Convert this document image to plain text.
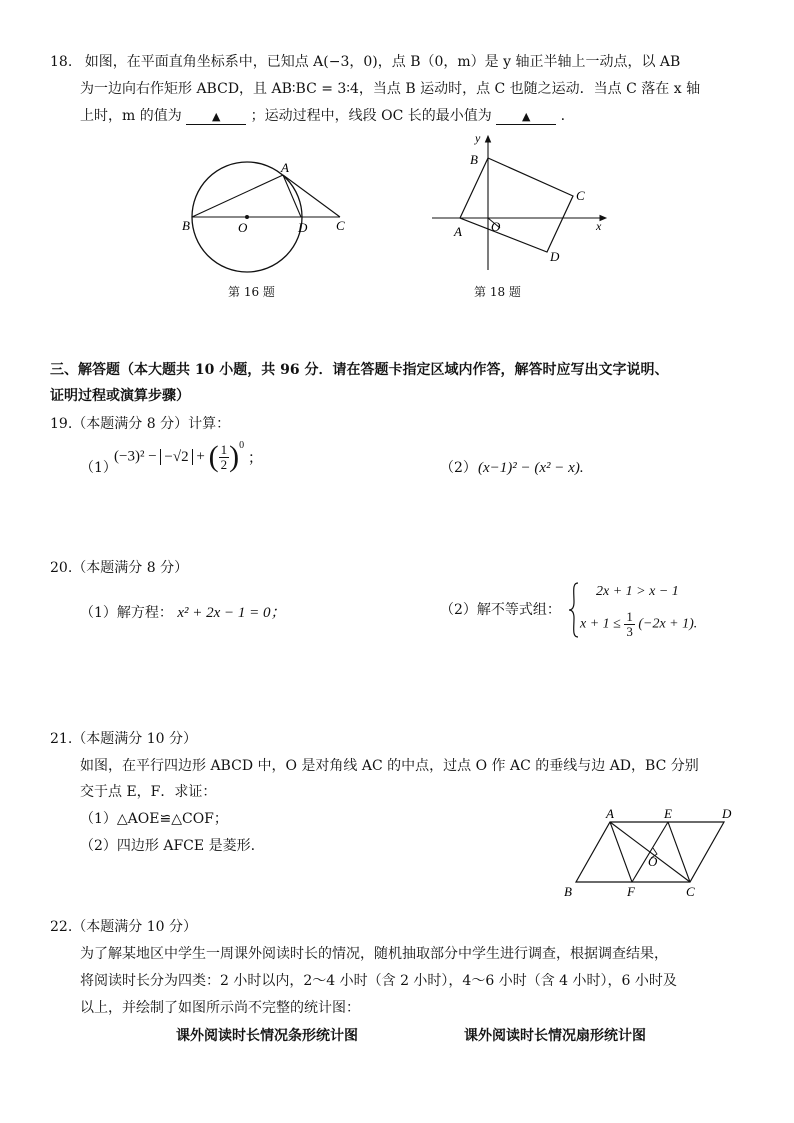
18. 如图，在平面直角坐标系中，已知点 A(−3，0)，点 B（0，m）是 y 轴正半轴上一动点，以 AB
为一边向右作矩形 ABCD，且 AB∶BC = 3∶4，当点 B 运动时，点 C 也随之运动．当点 C 落在 x 轴
上时，m 的值为	▲ ；运动过程中，线段 OC 长的最小值为	▲ .
A
B	O	D C
第 16 题
y
x
B
C
A O
D
第 18 题
三、解答题（本大题共 10 小题，共 96 分．请在答题卡指定区域内作答，解答时应写出文字说明、
证明过程或演算步骤）
19.（本题满分 8 分）计算：
（1）
(−3)² − −√2 + ( $\frac{1}{2} )^0$ ；
（2） (x−1)² − (x² − x).
20.（本题满分 8 分）
（1）解方程： x² + 2x − 1 = 0；	（2）解不等式组：
2x + 1 > x − 1
$x + 1 \le \frac{1}{3} (-2x + 1)$.
21.（本题满分 10 分）
如图，在平行四边形 ABCD 中，O 是对角线 AC 的中点，过点 O 作 AC 的垂线与边 AD，BC 分别
交于点 E，F．求证：
（1）△AOE≌△COF；
（2）四边形 AFCE 是菱形.
A	E	D
O
B	F	C
22.（本题满分 10 分）
为了解某地区中学生一周课外阅读时长的情况，随机抽取部分中学生进行调查，根据调查结果，
将阅读时长分为四类：2 小时以内，2～4 小时（含 2 小时），4～6 小时（含 4 小时），6 小时及
以上，并绘制了如图所示尚不完整的统计图：
课外阅读时长情况条形统计图	课外阅读时长情况扇形统计图
